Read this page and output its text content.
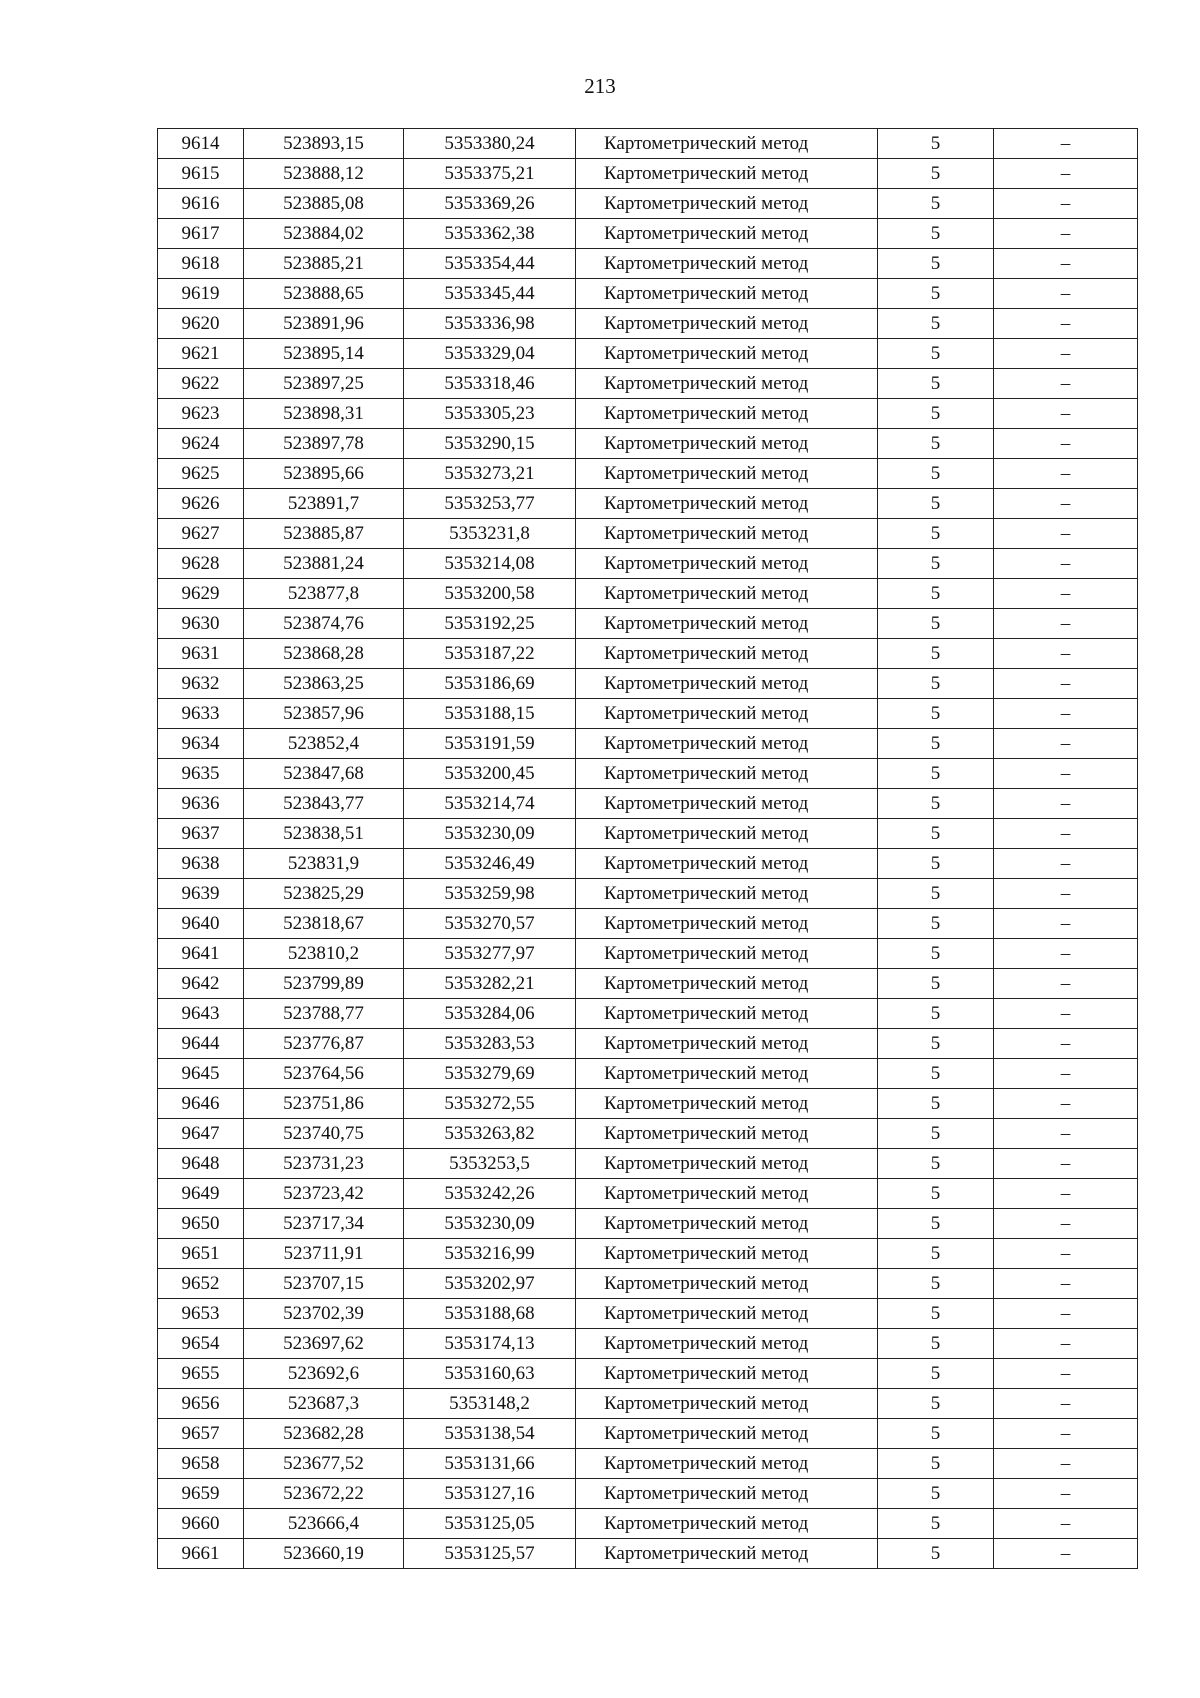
213
9614	523893,15	5353380,24	Картометрический метод	5	–
9615	523888,12	5353375,21	Картометрический метод	5	–
9616	523885,08	5353369,26	Картометрический метод	5	–
9617	523884,02	5353362,38	Картометрический метод	5	–
9618	523885,21	5353354,44	Картометрический метод	5	–
9619	523888,65	5353345,44	Картометрический метод	5	–
9620	523891,96	5353336,98	Картометрический метод	5	–
9621	523895,14	5353329,04	Картометрический метод	5	–
9622	523897,25	5353318,46	Картометрический метод	5	–
9623	523898,31	5353305,23	Картометрический метод	5	–
9624	523897,78	5353290,15	Картометрический метод	5	–
9625	523895,66	5353273,21	Картометрический метод	5	–
9626	523891,7	5353253,77	Картометрический метод	5	–
9627	523885,87	5353231,8	Картометрический метод	5	–
9628	523881,24	5353214,08	Картометрический метод	5	–
9629	523877,8	5353200,58	Картометрический метод	5	–
9630	523874,76	5353192,25	Картометрический метод	5	–
9631	523868,28	5353187,22	Картометрический метод	5	–
9632	523863,25	5353186,69	Картометрический метод	5	–
9633	523857,96	5353188,15	Картометрический метод	5	–
9634	523852,4	5353191,59	Картометрический метод	5	–
9635	523847,68	5353200,45	Картометрический метод	5	–
9636	523843,77	5353214,74	Картометрический метод	5	–
9637	523838,51	5353230,09	Картометрический метод	5	–
9638	523831,9	5353246,49	Картометрический метод	5	–
9639	523825,29	5353259,98	Картометрический метод	5	–
9640	523818,67	5353270,57	Картометрический метод	5	–
9641	523810,2	5353277,97	Картометрический метод	5	–
9642	523799,89	5353282,21	Картометрический метод	5	–
9643	523788,77	5353284,06	Картометрический метод	5	–
9644	523776,87	5353283,53	Картометрический метод	5	–
9645	523764,56	5353279,69	Картометрический метод	5	–
9646	523751,86	5353272,55	Картометрический метод	5	–
9647	523740,75	5353263,82	Картометрический метод	5	–
9648	523731,23	5353253,5	Картометрический метод	5	–
9649	523723,42	5353242,26	Картометрический метод	5	–
9650	523717,34	5353230,09	Картометрический метод	5	–
9651	523711,91	5353216,99	Картометрический метод	5	–
9652	523707,15	5353202,97	Картометрический метод	5	–
9653	523702,39	5353188,68	Картометрический метод	5	–
9654	523697,62	5353174,13	Картометрический метод	5	–
9655	523692,6	5353160,63	Картометрический метод	5	–
9656	523687,3	5353148,2	Картометрический метод	5	–
9657	523682,28	5353138,54	Картометрический метод	5	–
9658	523677,52	5353131,66	Картометрический метод	5	–
9659	523672,22	5353127,16	Картометрический метод	5	–
9660	523666,4	5353125,05	Картометрический метод	5	–
9661	523660,19	5353125,57	Картометрический метод	5	–
